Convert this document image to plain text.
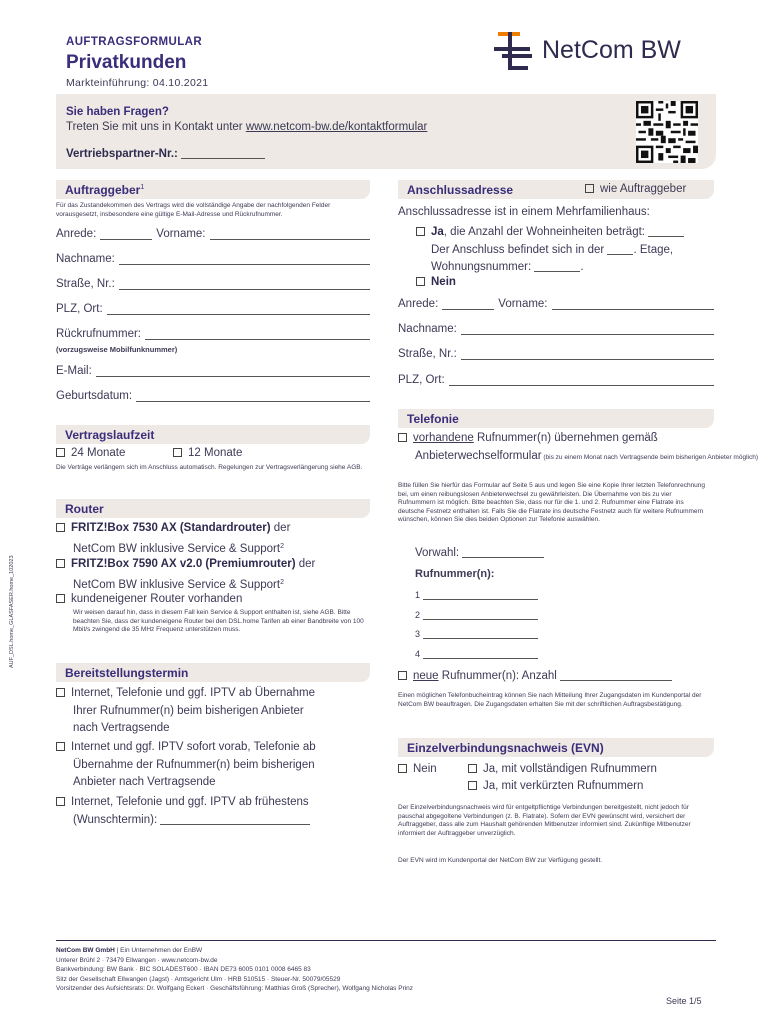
AUFTRAGSFORMULAR
Privatkunden
Markteinführung: 04.10.2021
NetCom BW
Sie haben Fragen?
Treten Sie mit uns in Kontakt unter www.netcom-bw.de/kontaktformular
Vertriebspartner-Nr.:
AUF_DSL.home_GLASFASER.home_102023
Auftraggeber$^1$
Für das Zustandekommen des Vertrags wird die vollständige Angabe der nachfolgenden Felder vorausgesetzt, insbesondere eine gültige E-Mail-Adresse und Rückrufnummer.
Anrede:	Vorname:
Nachname:
Straße, Nr.:
PLZ, Ort:
Rückrufnummer:
(vorzugsweise Mobilfunknummer)
E-Mail:
Geburtsdatum:
Vertragslaufzeit
24 Monate	12 Monate
Die Verträge verlängern sich im Anschluss automatisch. Regelungen zur Vertragsverlängerung siehe AGB.
Router
FRITZ!Box 7530 AX (Standardrouter) der
NetCom BW inklusive Service & Support$^2$
FRITZ!Box 7590 AX v2.0 (Premiumrouter) der
NetCom BW inklusive Service & Support$^2$
kundeneigener Router vorhanden
Wir weisen darauf hin, dass in diesem Fall kein Service & Support enthalten ist, siehe AGB. Bitte beachten Sie, dass der kundeneigene Router bei den DSL.home Tarifen ab einer Bandbreite von 100 Mbit/s zwingend die 35 MHz Frequenz unterstützen muss.
Bereitstellungstermin
Internet, Telefonie und ggf. IPTV ab Übernahme
Ihrer Rufnummer(n) beim bisherigen Anbieter
nach Vertragsende
Internet und ggf. IPTV sofort vorab, Telefonie ab
Übernahme der Rufnummer(n) beim bisherigen
Anbieter nach Vertragsende
Internet, Telefonie und ggf. IPTV ab frühestens
(Wunschtermin):
Anschlussadresse	wie Auftraggeber
Anschlussadresse ist in einem Mehrfamilienhaus:
Ja, die Anzahl der Wohneinheiten beträgt:
Der Anschluss befindet sich in der	. Etage,
Wohnungsnummer:	.
Nein
Anrede:	Vorname:
Nachname:
Straße, Nr.:
PLZ, Ort:
Telefonie
vorhandene Rufnummer(n) übernehmen gemäß
Anbieterwechselformular (bis zu einem Monat nach Vertragsende beim bisherigen Anbieter möglich)
Bitte füllen Sie hierfür das Formular auf Seite 5 aus und legen Sie eine Kopie Ihrer letzten Telefonrechnung bei, um einen reibungslosen Anbieterwechsel zu gewährleisten. Die Übernahme von bis zu vier Rufnummern ist möglich. Bitte beachten Sie, dass nur für die 1. und 2. Rufnummer eine Flatrate ins deutsche Festnetz enthalten ist. Falls Sie die Flatrate ins deutsche Festnetz auch für weitere Rufnummern wünschen, können Sie dies beiden Optionen zur Telefonie auswählen.
Vorwahl:
Rufnummer(n):
1
2
3
4
neue Rufnummer(n): Anzahl
Einen möglichen Telefonbucheintrag können Sie nach Mitteilung Ihrer Zugangsdaten im Kundenportal der NetCom BW beauftragen. Die Zugangsdaten erhalten Sie mit der schriftlichen Auftragsbestätigung.
Einzelverbindungsnachweis (EVN)
Nein	Ja, mit vollständigen Rufnummern
Ja, mit verkürzten Rufnummern
Der Einzelverbindungsnachweis wird für entgeltpflichtige Verbindungen bereitgestellt, nicht jedoch für pauschal abgegoltene Verbindungen (z. B. Flatrate). Sofern der EVN gewünscht wird, versichert der Auftraggeber, dass alle zum Haushalt gehörenden Mitbenutzer informiert sind. Zukünftige Mitbenutzer informiert der Auftraggeber unverzüglich.
Der EVN wird im Kundenportal der NetCom BW zur Verfügung gestellt.
NetCom BW GmbH | Ein Unternehmen der EnBW
Unterer Brühl 2 · 73479 Ellwangen · www.netcom-bw.de
Bankverbindung: BW Bank · BIC SOLADEST600 · IBAN DE73 6005 0101 0008 6465 83
Sitz der Gesellschaft Ellwangen (Jagst) · Amtsgericht Ulm · HRB 510515 · Steuer-Nr. 50079/05529
Vorsitzender des Aufsichtsrats: Dr. Wolfgang Eckert · Geschäftsführung: Matthias Groß (Sprecher), Wolfgang Nicholas Prinz
Seite 1/5
